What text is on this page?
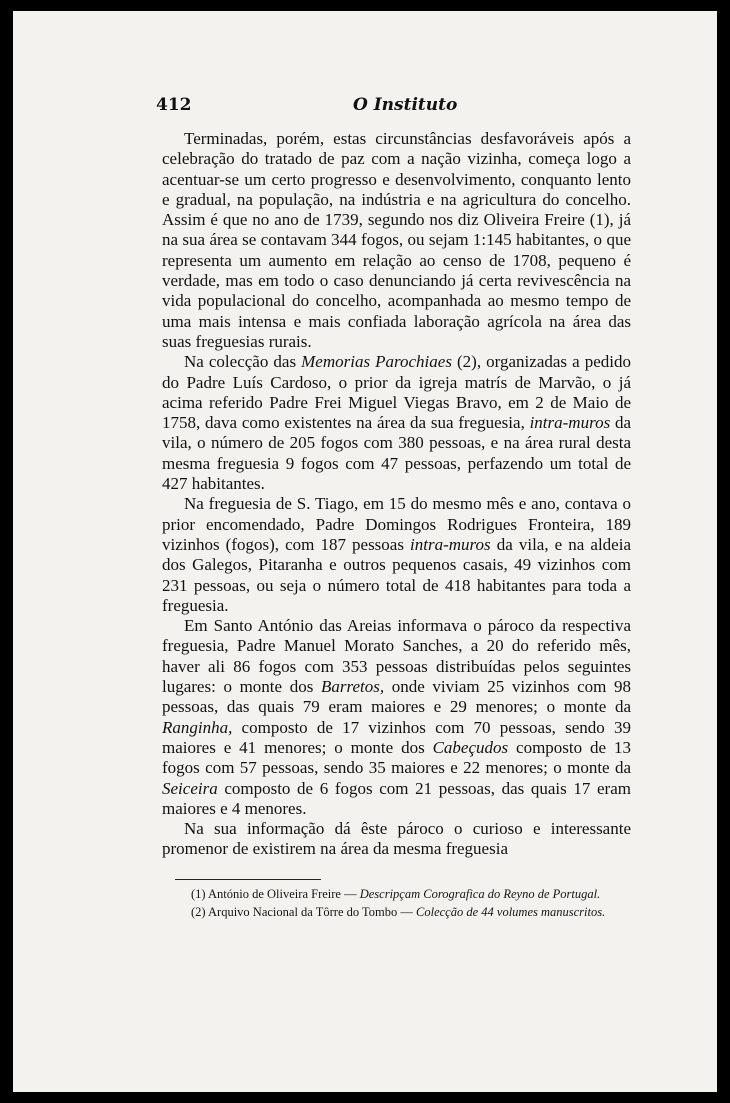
412	O Instituto

Terminadas, porém, estas circunstâncias desfavoráveis após a celebração do tratado de paz com a nação vizinha, começa logo a acentuar-se um certo progresso e desenvolvimento, conquanto lento e gradual, na população, na indústria e na agricultura do concelho. Assim é que no ano de 1739, segundo nos diz Oliveira Freire (1), já na sua área se contavam 344 fogos, ou sejam 1:145 habitantes, o que representa um aumento em relação ao censo de 1708, pequeno é verdade, mas em todo o caso denunciando já certa revivescência na vida populacional do concelho, acompanhada ao mesmo tempo de uma mais intensa e mais confiada laboração agrícola na área das suas freguesias rurais.

Na colecção das Memorias Parochiaes (2), organizadas a pedido do Padre Luís Cardoso, o prior da igreja matrís de Marvão, o já acima referido Padre Frei Miguel Viegas Bravo, em 2 de Maio de 1758, dava como existentes na área da sua freguesia, intra-muros da vila, o número de 205 fogos com 380 pessoas, e na área rural desta mesma freguesia 9 fogos com 47 pessoas, perfazendo um total de 427 habitantes.

Na freguesia de S. Tiago, em 15 do mesmo mês e ano, contava o prior encomendado, Padre Domingos Rodrigues Fronteira, 189 vizinhos (fogos), com 187 pessoas intra-muros da vila, e na aldeia dos Galegos, Pitaranha e outros pequenos casais, 49 vizinhos com 231 pessoas, ou seja o número total de 418 habitantes para toda a freguesia.

Em Santo António das Areias informava o pároco da respectiva freguesia, Padre Manuel Morato Sanches, a 20 do referido mês, haver ali 86 fogos com 353 pessoas distribuídas pelos seguintes lugares: o monte dos Barretos, onde viviam 25 vizinhos com 98 pessoas, das quais 79 eram maiores e 29 menores; o monte da Ranginha, composto de 17 vizinhos com 70 pessoas, sendo 39 maiores e 41 menores; o monte dos Cabeçudos composto de 13 fogos com 57 pessoas, sendo 35 maiores e 22 menores; o monte da Seiceira composto de 6 fogos com 21 pessoas, das quais 17 eram maiores e 4 menores.

Na sua informação dá êste pároco o curioso e interessante promenor de existirem na área da mesma freguesia

(1) António de Oliveira Freire — Descripçam Corografica do Reyno de Portugal.

(2) Arquivo Nacional da Tôrre do Tombo — Colecção de 44 volumes manuscritos.
